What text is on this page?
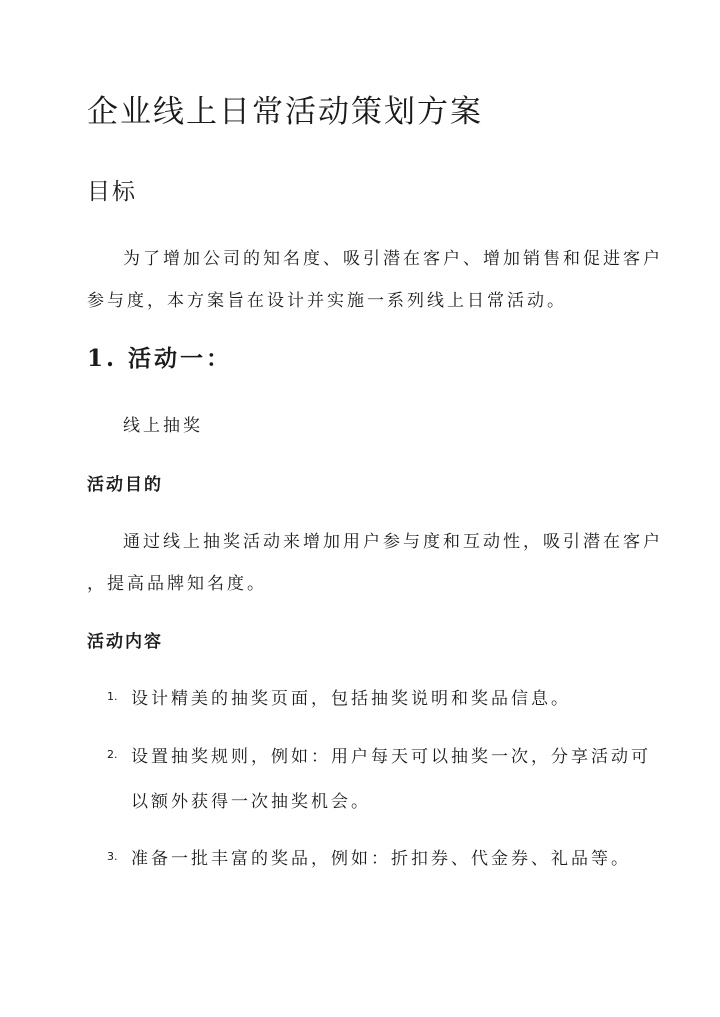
企业线上日常活动策划方案
目标

为了增加公司的知名度、吸引潜在客户、增加销售和促进客户

参与度，本方案旨在设计并实施一系列线上日常活动。

1. 活动一：

线上抽奖

活动目的

通过线上抽奖活动来增加用户参与度和互动性，吸引潜在客户

，提高品牌知名度。

活动内容
1. 设计精美的抽奖页面，包括抽奖说明和奖品信息。

2. 设置抽奖规则，例如：用户每天可以抽奖一次，分享活动可

以额外获得一次抽奖机会。

3. 准备一批丰富的奖品，例如：折扣券、代金券、礼品等。
